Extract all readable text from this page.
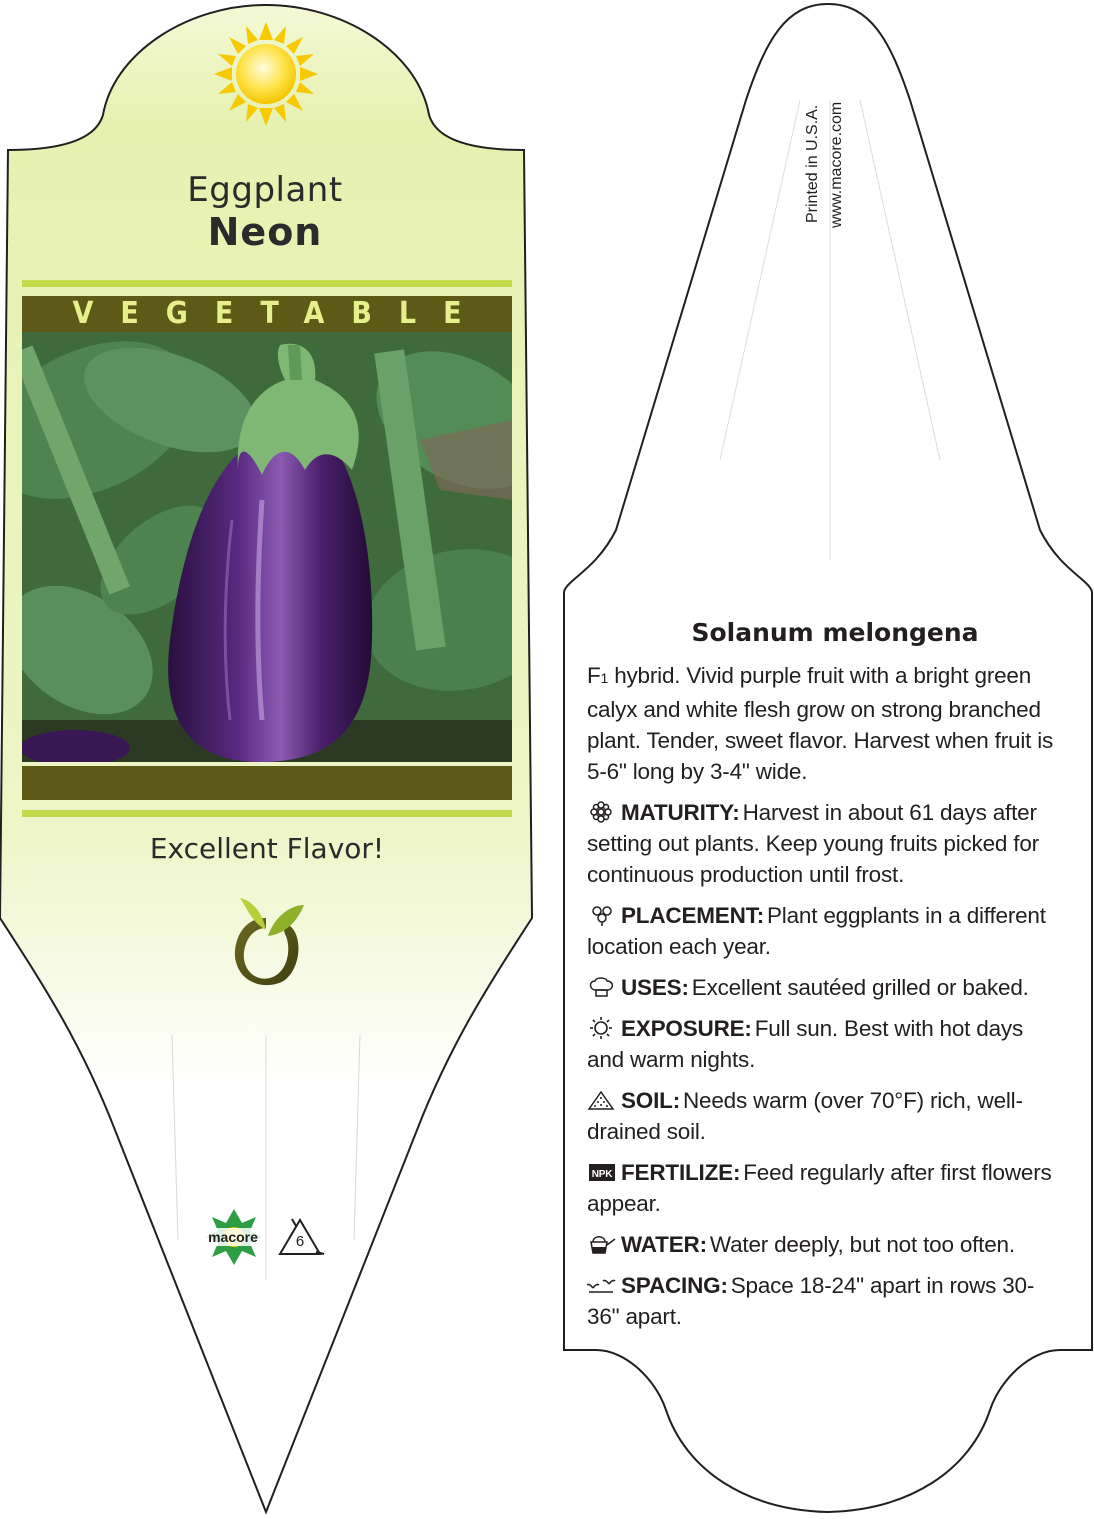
Eggplant
Neon
VEGETABLE
Excellent Flavor!
macore	6
Printed in U.S.A. www.macore.com
Solanum melongena

F1 hybrid. Vivid purple fruit with a bright green calyx and white flesh grow on strong branched plant. Tender, sweet flavor. Harvest when fruit is 5-6" long by 3-4" wide.

MATURITY: Harvest in about 61 days after setting out plants. Keep young fruits picked for continuous production until frost.

PLACEMENT: Plant eggplants in a different location each year.

USES: Excellent sautéed grilled or baked.

EXPOSURE: Full sun. Best with hot days and warm nights.

SOIL: Needs warm (over 70°F) rich, well-drained soil.

NPK FERTILIZE: Feed regularly after first flowers appear.

WATER: Water deeply, but not too often.

SPACING: Space 18-24" apart in rows 30-36" apart.
